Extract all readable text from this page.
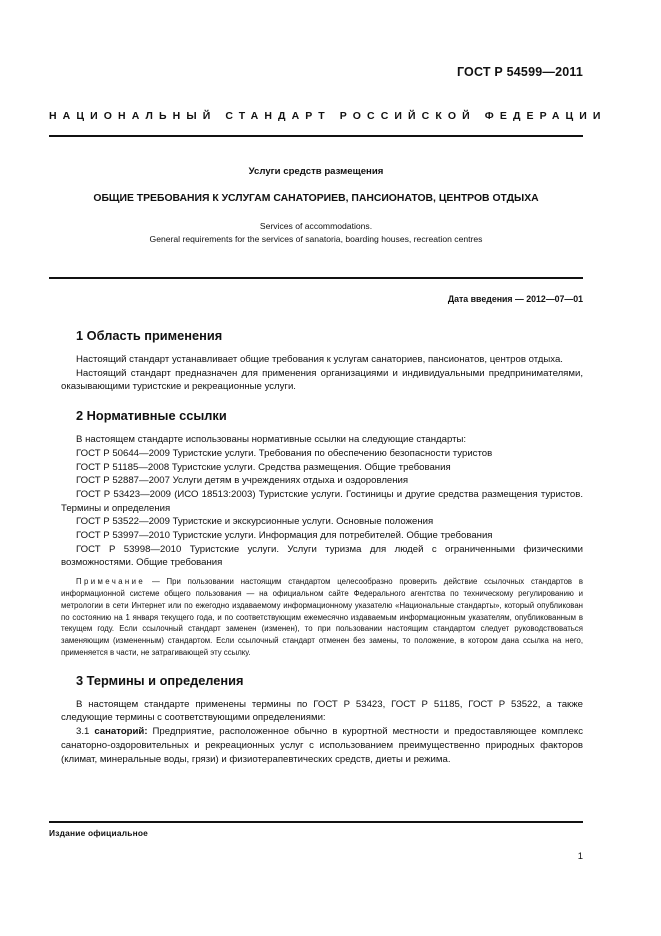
ГОСТ Р 54599—2011
НАЦИОНАЛЬНЫЙ СТАНДАРТ РОССИЙСКОЙ ФЕДЕРАЦИИ
Услуги средств размещения
ОБЩИЕ ТРЕБОВАНИЯ К УСЛУГАМ САНАТОРИЕВ, ПАНСИОНАТОВ, ЦЕНТРОВ ОТДЫХА
Services of accommodations.
General requirements for the services of sanatoria, boarding houses, recreation centres
Дата введения — 2012—07—01
1 Область применения

Настоящий стандарт устанавливает общие требования к услугам санаториев, пансионатов, центров отдыха.

Настоящий стандарт предназначен для применения организациями и индивидуальными предпринимателями, оказывающими туристские и рекреационные услуги.

2 Нормативные ссылки

В настоящем стандарте использованы нормативные ссылки на следующие стандарты:

ГОСТ Р 50644—2009 Туристские услуги. Требования по обеспечению безопасности туристов

ГОСТ Р 51185—2008 Туристские услуги. Средства размещения. Общие требования

ГОСТ Р 52887—2007 Услуги детям в учреждениях отдыха и оздоровления

ГОСТ Р 53423—2009 (ИСО 18513:2003) Туристские услуги. Гостиницы и другие средства размещения туристов. Термины и определения

ГОСТ Р 53522—2009 Туристские и экскурсионные услуги. Основные положения

ГОСТ Р 53997—2010 Туристские услуги. Информация для потребителей. Общие требования

ГОСТ Р 53998—2010 Туристские услуги. Услуги туризма для людей с ограниченными физическими возможностями. Общие требования

Примечание — При пользовании настоящим стандартом целесообразно проверить действие ссылочных стандартов в информационной системе общего пользования — на официальном сайте Федерального агентства по техническому регулированию и метрологии в сети Интернет или по ежегодно издаваемому информационному указателю «Национальные стандарты», который опубликован по состоянию на 1 января текущего года, и по соответствующим ежемесячно издаваемым информационным указателям, опубликованным в текущем году. Если ссылочный стандарт заменен (изменен), то при пользовании настоящим стандартом следует руководствоваться заменяющим (измененным) стандартом. Если ссылочный стандарт отменен без замены, то положение, в котором дана ссылка на него, применяется в части, не затрагивающей эту ссылку.

3 Термины и определения

В настоящем стандарте применены термины по ГОСТ Р 53423, ГОСТ Р 51185, ГОСТ Р 53522, а также следующие термины с соответствующими определениями:

3.1 санаторий: Предприятие, расположенное обычно в курортной местности и предоставляющее комплекс санаторно-оздоровительных и рекреационных услуг с использованием преимущественно природных факторов (климат, минеральные воды, грязи) и физиотерапевтических средств, диеты и режима.

Издание официальное
1
